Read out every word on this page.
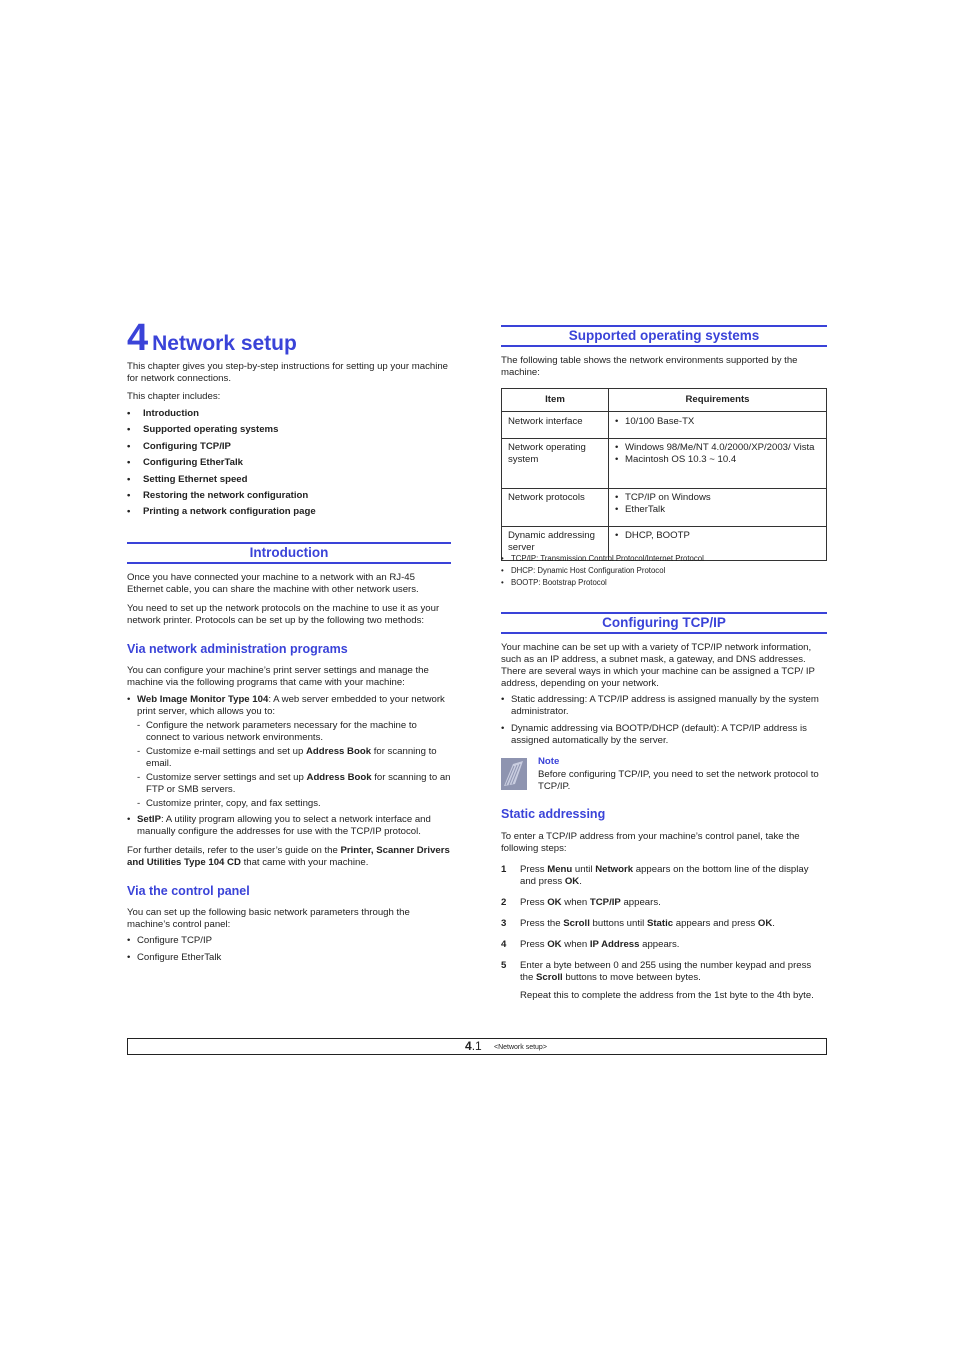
4 Network setup

This chapter gives you step-by-step instructions for setting up your machine for network connections.

This chapter includes:

• Introduction
• Supported operating systems
• Configuring TCP/IP
• Configuring EtherTalk
• Setting Ethernet speed
• Restoring the network configuration
• Printing a network configuration page
Introduction

Once you have connected your machine to a network with an RJ-45 Ethernet cable, you can share the machine with other network users.

You need to set up the network protocols on the machine to use it as your network printer. Protocols can be set up by the following two methods:

Via network administration programs

You can configure your machine’s print server settings and manage the machine via the following programs that came with your machine:

• Web Image Monitor Type 104: A web server embedded to your network print server, which allows you to:
- Configure the network parameters necessary for the machine to connect to various network environments.
- Customize e-mail settings and set up Address Book for scanning to email.
- Customize server settings and set up Address Book for scanning to an FTP or SMB servers.
- Customize printer, copy, and fax settings.
• SetIP: A utility program allowing you to select a network interface and manually configure the addresses for use with the TCP/IP protocol.

For further details, refer to the user’s guide on the Printer, Scanner Drivers and Utilities Type 104 CD that came with your machine.

Via the control panel

You can set up the following basic network parameters through the machine’s control panel:

• Configure TCP/IP
• Configure EtherTalk
Supported operating systems

The following table shows the network environments supported by the machine:

Item	Requirements
Network interface	• 10/100 Base-TX

Network operating system	• Windows 98/Me/NT 4.0/2000/XP/2003/ Vista
• Macintosh OS 10.3 ~ 10.4

Network protocols	• TCP/IP on Windows
• EtherTalk

Dynamic addressing server	• DHCP, BOOTP
• TCP/IP: Transmission Control Protocol/Internet Protocol
• DHCP: Dynamic Host Configuration Protocol
• BOOTP: Bootstrap Protocol
Configuring TCP/IP

Your machine can be set up with a variety of TCP/IP network information, such as an IP address, a subnet mask, a gateway, and DNS addresses. There are several ways in which your machine can be assigned a TCP/ IP address, depending on your network.

• Static addressing: A TCP/IP address is assigned manually by the system administrator.
• Dynamic addressing via BOOTP/DHCP (default): A TCP/IP address is assigned automatically by the server.
Note

Before configuring TCP/IP, you need to set the network protocol to TCP/IP.

Static addressing

To enter a TCP/IP address from your machine’s control panel, take the following steps:

1 Press Menu until Network appears on the bottom line of the display and press OK.
2 Press OK when TCP/IP appears.
3 Press the Scroll buttons until Static appears and press OK.
4 Press OK when IP Address appears.
5 Enter a byte between 0 and 255 using the number keypad and press the Scroll buttons to move between bytes.

Repeat this to complete the address from the 1st byte to the 4th byte.

4.1 <Network setup>
